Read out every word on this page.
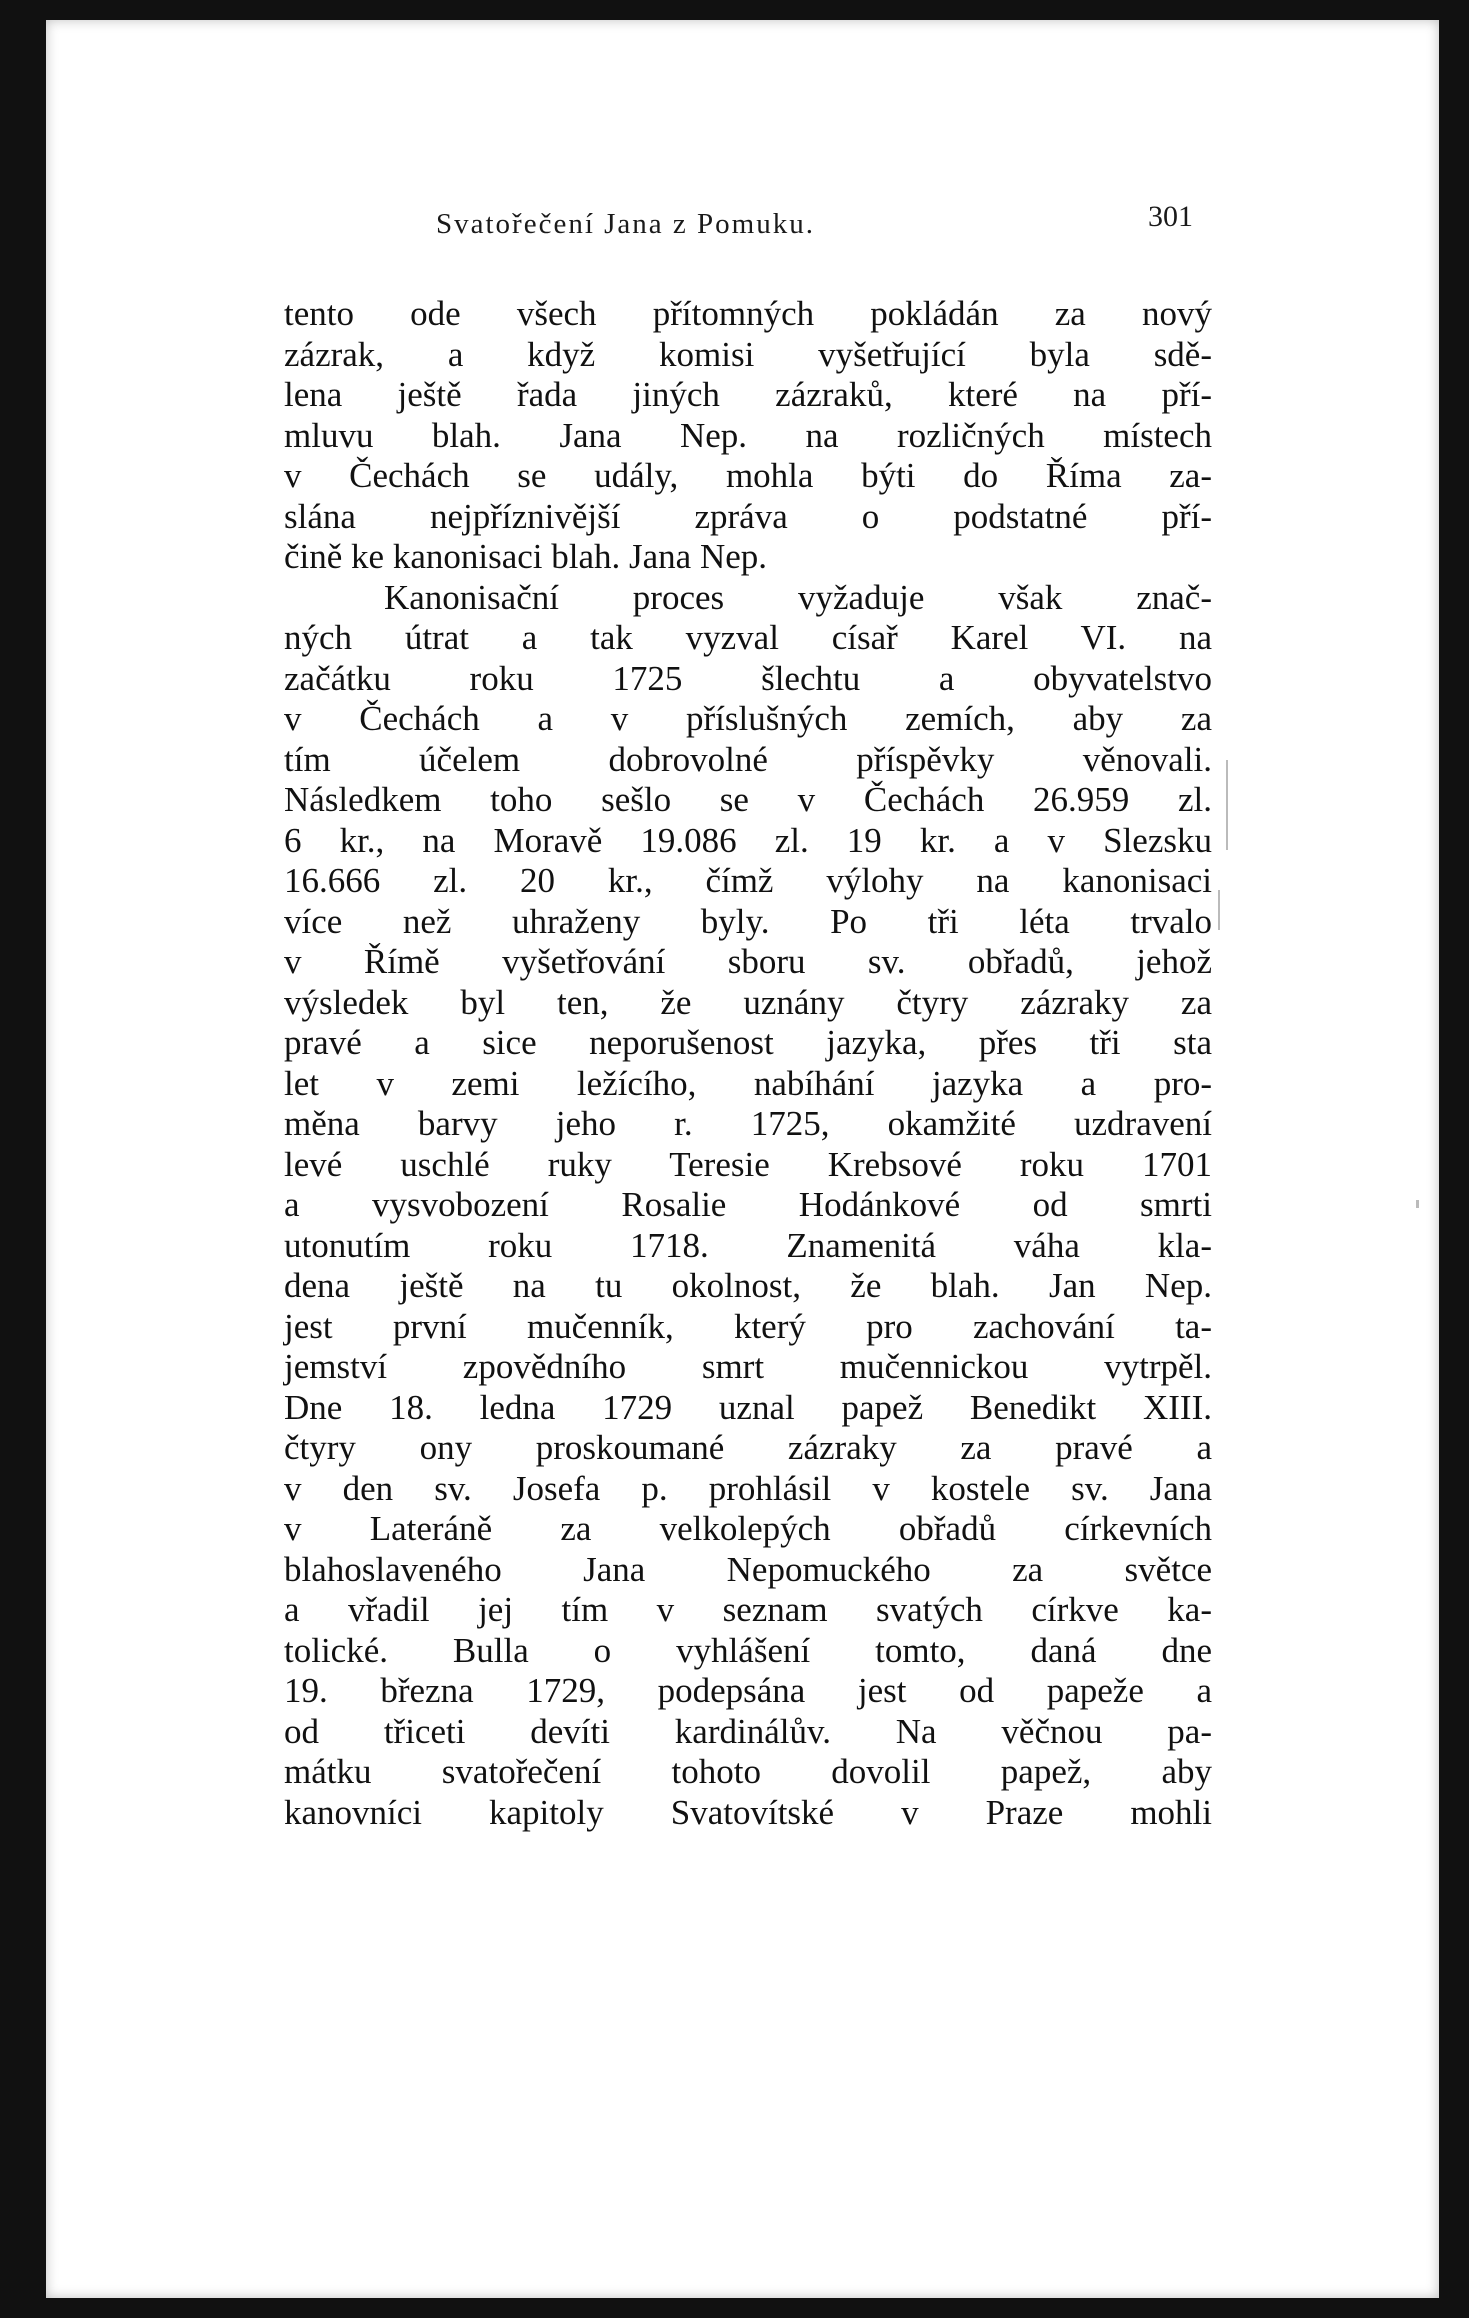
Svatořečení Jana z Pomuku.	301
tento ode všech přítomných pokládán za nový
zázrak, a když komisi vyšetřující byla sdě-
lena ještě řada jiných zázraků, které na pří-
mluvu blah. Jana Nep. na rozličných místech
v Čechách se udály, mohla býti do Říma za-
slána nejpříznivější zpráva o podstatné pří-
čině ke kanonisaci blah. Jana Nep.
Kanonisační proces vyžaduje však znač-
ných útrat a tak vyzval císař Karel VI. na
začátku roku 1725 šlechtu a obyvatelstvo
v Čechách a v příslušných zemích, aby za
tím účelem dobrovolné příspěvky věnovali.
Následkem toho sešlo se v Čechách 26.959 zl.
6 kr., na Moravě 19.086 zl. 19 kr. a v Slezsku
16.666 zl. 20 kr., čímž výlohy na kanonisaci
více než uhraženy byly. Po tři léta trvalo
v Římě vyšetřování sboru sv. obřadů, jehož
výsledek byl ten, že uznány čtyry zázraky za
pravé a sice neporušenost jazyka, přes tři sta
let v zemi ležícího, nabíhání jazyka a pro-
měna barvy jeho r. 1725, okamžité uzdravení
levé uschlé ruky Teresie Krebsové roku 1701
a vysvobození Rosalie Hodánkové od smrti
utonutím roku 1718. Znamenitá váha kla-
dena ještě na tu okolnost, že blah. Jan Nep.
jest první mučenník, který pro zachování ta-
jemství zpovědního smrt mučennickou vytrpěl.
Dne 18. ledna 1729 uznal papež Benedikt XIII.
čtyry ony proskoumané zázraky za pravé a
v den sv. Josefa p. prohlásil v kostele sv. Jana
v Lateráně za velkolepých obřadů církevních
blahoslaveného Jana Nepomuckého za světce
a vřadil jej tím v seznam svatých církve ka-
tolické. Bulla o vyhlášení tomto, daná dne
19. března 1729, podepsána jest od papeže a
od třiceti devíti kardinálův. Na věčnou pa-
mátku svatořečení tohoto dovolil papež, aby
kanovníci kapitoly Svatovítské v Praze mohli
